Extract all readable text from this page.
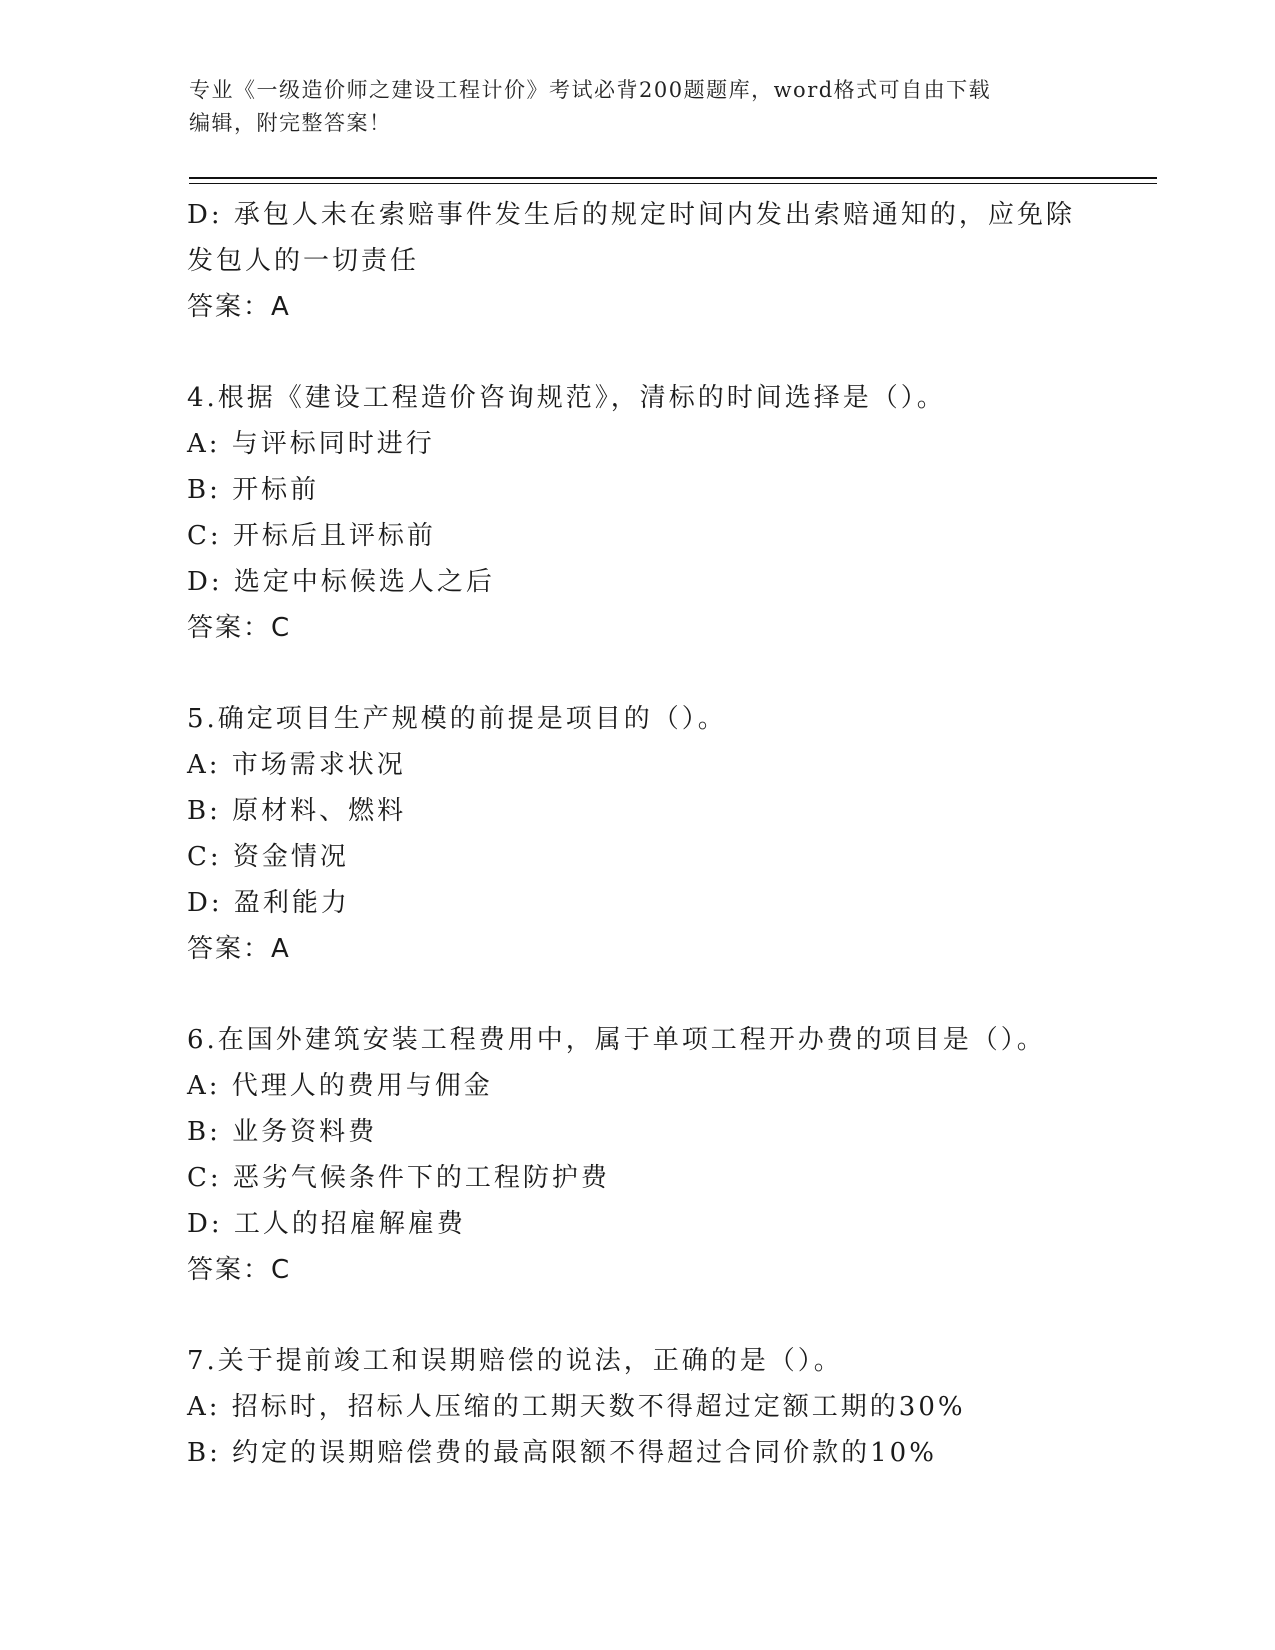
专业《一级造价师之建设工程计价》考试必背200题题库，word格式可自由下载
编辑，附完整答案！
D: 承包人未在索赔事件发生后的规定时间内发出索赔通知的，应免除
发包人的一切责任
答案：A
4.根据《建设工程造价咨询规范》，清标的时间选择是（）。
A: 与评标同时进行
B: 开标前
C: 开标后且评标前
D: 选定中标候选人之后
答案：C
5.确定项目生产规模的前提是项目的（）。
A: 市场需求状况
B: 原材料、燃料
C: 资金情况
D: 盈利能力
答案：A
6.在国外建筑安装工程费用中，属于单项工程开办费的项目是（）。
A: 代理人的费用与佣金
B: 业务资料费
C: 恶劣气候条件下的工程防护费
D: 工人的招雇解雇费
答案：C
7.关于提前竣工和误期赔偿的说法，正确的是（）。
A: 招标时，招标人压缩的工期天数不得超过定额工期的30%
B: 约定的误期赔偿费的最高限额不得超过合同价款的10%
